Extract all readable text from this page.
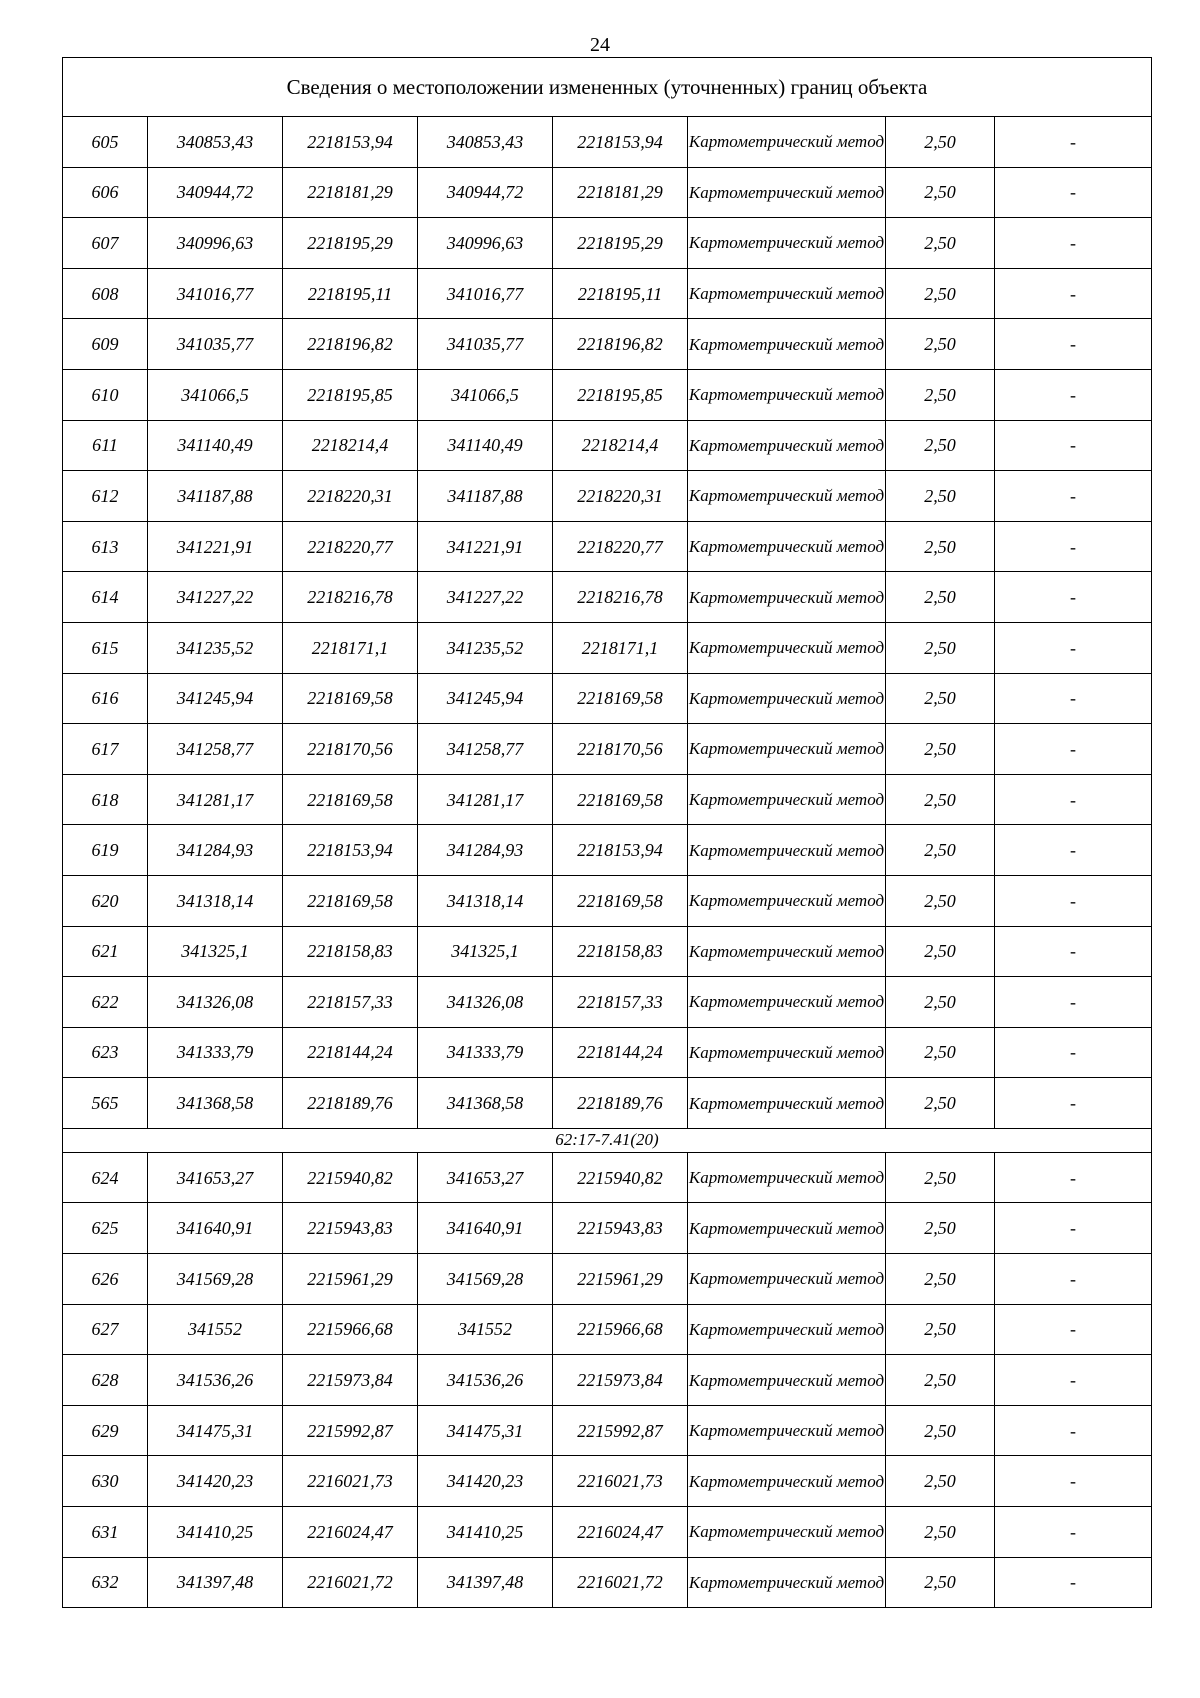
24
Сведения о местоположении измененных (уточненных) границ объекта							
605	340853,43	2218153,94	340853,43	2218153,94	Картометрический метод	2,50	-
606	340944,72	2218181,29	340944,72	2218181,29	Картометрический метод	2,50	-
607	340996,63	2218195,29	340996,63	2218195,29	Картометрический метод	2,50	-
608	341016,77	2218195,11	341016,77	2218195,11	Картометрический метод	2,50	-
609	341035,77	2218196,82	341035,77	2218196,82	Картометрический метод	2,50	-
610	341066,5	2218195,85	341066,5	2218195,85	Картометрический метод	2,50	-
611	341140,49	2218214,4	341140,49	2218214,4	Картометрический метод	2,50	-
612	341187,88	2218220,31	341187,88	2218220,31	Картометрический метод	2,50	-
613	341221,91	2218220,77	341221,91	2218220,77	Картометрический метод	2,50	-
614	341227,22	2218216,78	341227,22	2218216,78	Картометрический метод	2,50	-
615	341235,52	2218171,1	341235,52	2218171,1	Картометрический метод	2,50	-
616	341245,94	2218169,58	341245,94	2218169,58	Картометрический метод	2,50	-
617	341258,77	2218170,56	341258,77	2218170,56	Картометрический метод	2,50	-
618	341281,17	2218169,58	341281,17	2218169,58	Картометрический метод	2,50	-
619	341284,93	2218153,94	341284,93	2218153,94	Картометрический метод	2,50	-
620	341318,14	2218169,58	341318,14	2218169,58	Картометрический метод	2,50	-
621	341325,1	2218158,83	341325,1	2218158,83	Картометрический метод	2,50	-
622	341326,08	2218157,33	341326,08	2218157,33	Картометрический метод	2,50	-
623	341333,79	2218144,24	341333,79	2218144,24	Картометрический метод	2,50	-
565	341368,58	2218189,76	341368,58	2218189,76	Картометрический метод	2,50	-
62:17-7.41(20)							
624	341653,27	2215940,82	341653,27	2215940,82	Картометрический метод	2,50	-
625	341640,91	2215943,83	341640,91	2215943,83	Картометрический метод	2,50	-
626	341569,28	2215961,29	341569,28	2215961,29	Картометрический метод	2,50	-
627	341552	2215966,68	341552	2215966,68	Картометрический метод	2,50	-
628	341536,26	2215973,84	341536,26	2215973,84	Картометрический метод	2,50	-
629	341475,31	2215992,87	341475,31	2215992,87	Картометрический метод	2,50	-
630	341420,23	2216021,73	341420,23	2216021,73	Картометрический метод	2,50	-
631	341410,25	2216024,47	341410,25	2216024,47	Картометрический метод	2,50	-
632	341397,48	2216021,72	341397,48	2216021,72	Картометрический метод	2,50	-
